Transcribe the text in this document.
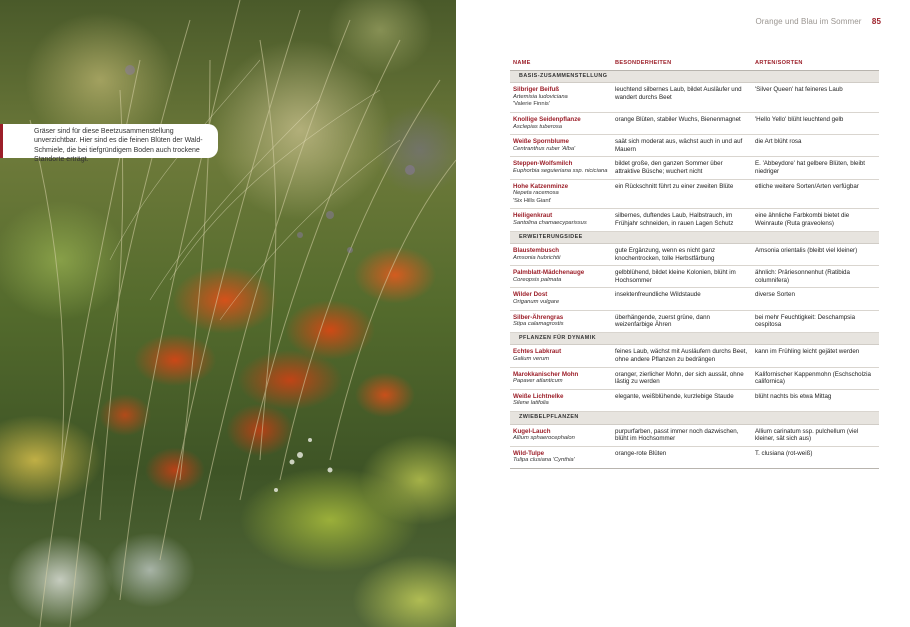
Gräser sind für diese Beetzusammenstellung unverzichtbar. Hier sind es die feinen Blüten der Wald-Schmiele, die bei tiefgründigem Boden auch trockene Standorte erträgt.
Orange und Blau im Sommer 85
NAME	BESONDERHEITEN	ARTEN/SORTEN
BASIS-ZUSAMMENSTELLUNG		

Silbriger Beifuß
Artemisia ludoviciana
'Valerie Finnis'	leuchtend silbernes Laub, bildet Ausläufer und wandert durchs Beet	'Silver Queen' hat feineres Laub

Knollige Seidenpflanze
Asclepias tuberosa	orange Blüten, stabiler Wuchs, Bienenmagnet	'Hello Yello' blüht leuchtend gelb

Weiße Spornblume
Centranthus ruber 'Alba'	saät sich moderat aus, wächst auch in und auf Mauern	die Art blüht rosa

Steppen-Wolfsmilch
Euphorbia seguieriana ssp. niciciana	bildet große, den ganzen Sommer über attraktive Büsche; wuchert nicht	E. 'Abbeydore' hat gelbere Blüten, bleibt niedriger

Hohe Katzenminze
Nepeta racemosa
'Six Hills Giant'	ein Rückschnitt führt zu einer zweiten Blüte	etliche weitere Sorten/Arten verfügbar

Heiligenkraut
Santolina chamaecyparissus	silbernes, duftendes Laub, Halbstrauch, im Frühjahr schneiden, in rauen Lagen Schutz	eine ähnliche Farbkombi bietet die Weinraute (Ruta graveolens)
ERWEITERUNGSIDEE		

Blaustembusch
Amsonia hubrichtii	gute Ergänzung, wenn es nicht ganz knochentrocken, tolle Herbstfärbung	Amsonia orientalis (bleibt viel kleiner)

Palmblatt-Mädchenauge
Coreopsis palmata	gelbblühend, bildet kleine Kolonien, blüht im Hochsommer	ähnlich: Präriesonnenhut (Ratibida columnifera)

Wilder Dost
Origanum vulgare	insektenfreundliche Wildstaude	diverse Sorten

Silber-Ährengras
Stipa calamagrostis	überhängende, zuerst grüne, dann weizenfarbige Ähren	bei mehr Feuchtigkeit: Deschampsia cespitosa
PFLANZEN FÜR DYNAMIK		

Echtes Labkraut
Galium verum	feines Laub, wächst mit Ausläufern durchs Beet, ohne andere Pflanzen zu bedrängen	kann im Frühling leicht gejätet werden

Marokkanischer Mohn
Papaver atlanticum	oranger, zierlicher Mohn, der sich aussät, ohne lästig zu werden	Kalifornischer Kappenmohn (Eschscholzia californica)

Weiße Lichtnelke
Silene latifolia	elegante, weißblühende, kurzlebige Staude	blüht nachts bis etwa Mittag
ZWIEBELPFLANZEN		

Kugel-Lauch
Allium sphaerocephalon	purpurfarben, passt immer noch dazwischen, blüht im Hochsommer	Allium carinatum ssp. pulchellum (viel kleiner, sät sich aus)

Wild-Tulpe
Tulipa clusiana 'Cynthia'	orange-rote Blüten	T. clusiana (rot-weiß)
